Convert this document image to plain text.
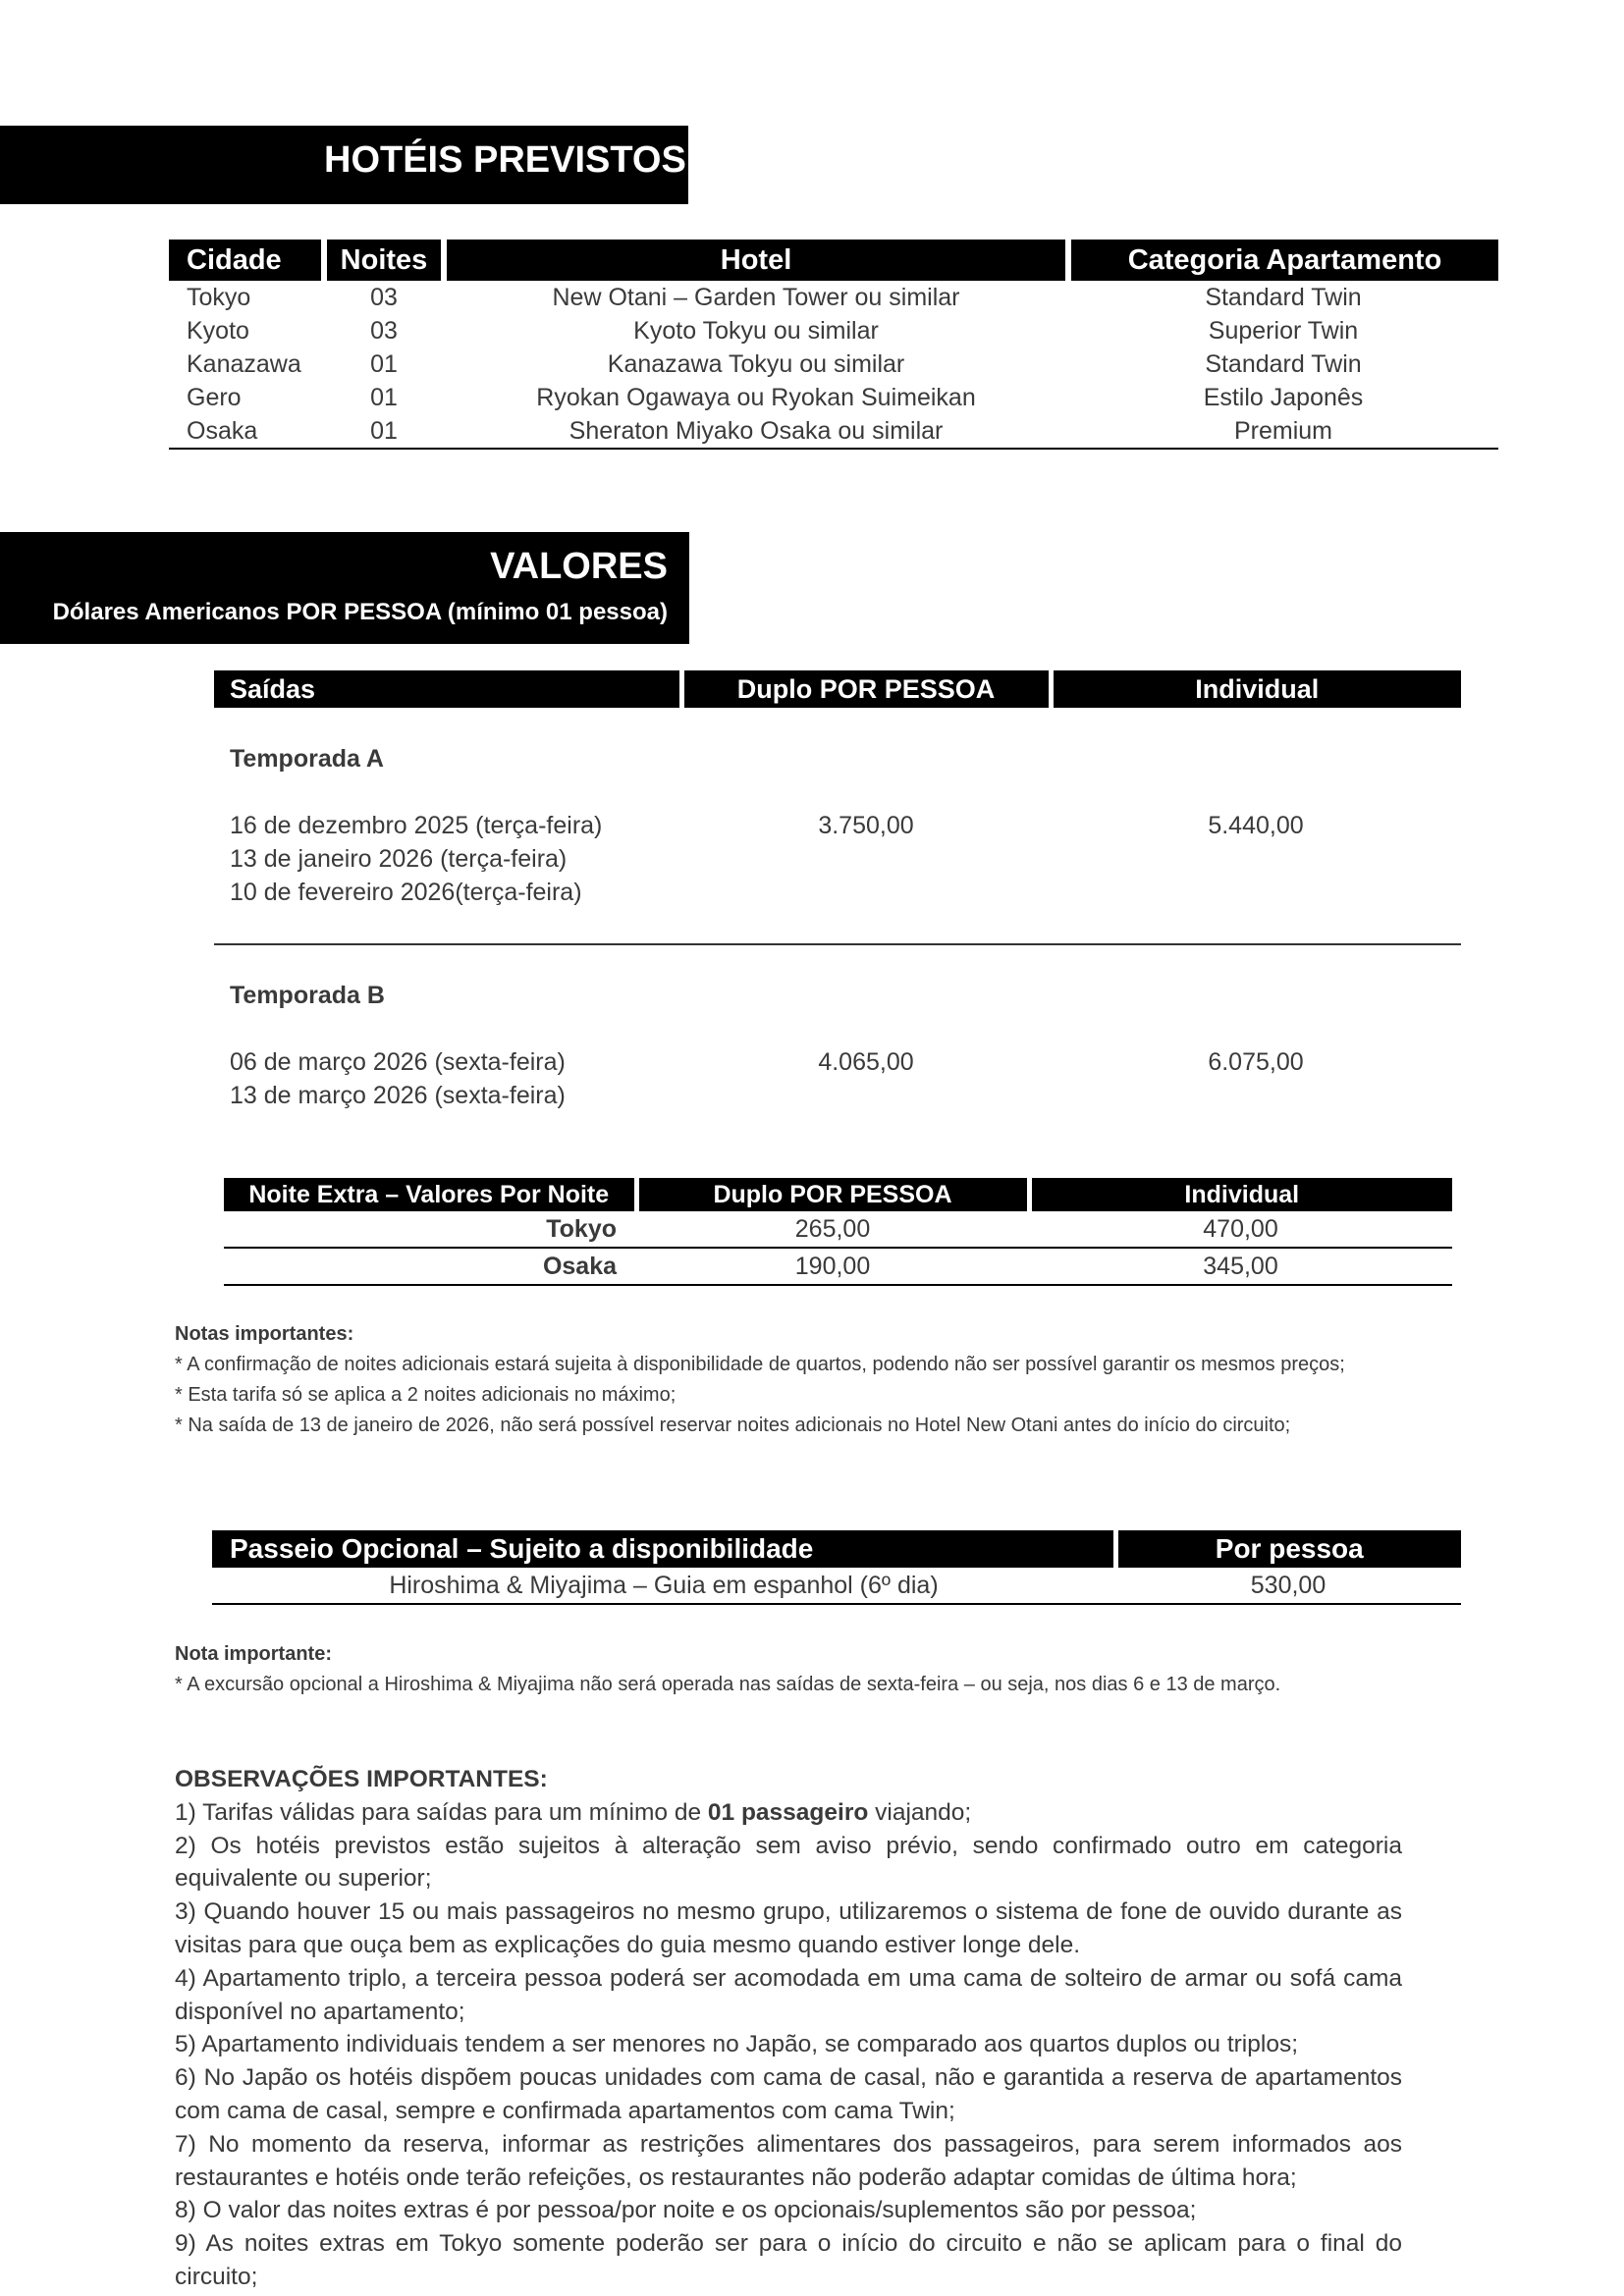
HOTÉIS PREVISTOS
Cidade	Noites	Hotel	Categoria Apartamento
Tokyo	03	New Otani – Garden Tower ou similar	Standard Twin
Kyoto	03	Kyoto Tokyu ou similar	Superior Twin
Kanazawa	01	Kanazawa Tokyu ou similar	Standard Twin
Gero	01	Ryokan Ogawaya ou Ryokan Suimeikan	Estilo Japonês
Osaka	01	Sheraton Miyako Osaka ou similar	Premium
VALORES
Dólares Americanos POR PESSOA (mínimo 01 pessoa)
Saídas	Duplo POR PESSOA	Individual
Temporada A
16 de dezembro 2025 (terça-feira)
13 de janeiro 2026 (terça-feira)
10 de fevereiro 2026(terça-feira)
3.750,00	5.440,00
Temporada B
06 de março 2026 (sexta-feira)
13 de março 2026 (sexta-feira)
4.065,00	6.075,00
Noite Extra – Valores Por Noite	Duplo POR PESSOA	Individual
Tokyo	265,00	470,00
Osaka	190,00	345,00
Notas importantes:
* A confirmação de noites adicionais estará sujeita à disponibilidade de quartos, podendo não ser possível garantir os mesmos preços;
* Esta tarifa só se aplica a 2 noites adicionais no máximo;
* Na saída de 13 de janeiro de 2026, não será possível reservar noites adicionais no Hotel New Otani antes do início do circuito;
Passeio Opcional – Sujeito a disponibilidade	Por pessoa
Hiroshima & Miyajima – Guia em espanhol (6º dia)	530,00
Nota importante:
* A excursão opcional a Hiroshima & Miyajima não será operada nas saídas de sexta-feira – ou seja, nos dias 6 e 13 de março.
OBSERVAÇÕES IMPORTANTES:
1) Tarifas válidas para saídas para um mínimo de 01 passageiro viajando;
2) Os hotéis previstos estão sujeitos à alteração sem aviso prévio, sendo confirmado outro em categoria equivalente ou superior;
3) Quando houver 15 ou mais passageiros no mesmo grupo, utilizaremos o sistema de fone de ouvido durante as visitas para que ouça bem as explicações do guia mesmo quando estiver longe dele.
4) Apartamento triplo, a terceira pessoa poderá ser acomodada em uma cama de solteiro de armar ou sofá cama disponível no apartamento;
5) Apartamento individuais tendem a ser menores no Japão, se comparado aos quartos duplos ou triplos;
6) No Japão os hotéis dispõem poucas unidades com cama de casal, não e garantida a reserva de apartamentos com cama de casal, sempre e confirmada apartamentos com cama Twin;
7) No momento da reserva, informar as restrições alimentares dos passageiros, para serem informados aos restaurantes e hotéis onde terão refeições, os restaurantes não poderão adaptar comidas de última hora;
8) O valor das noites extras é por pessoa/por noite e os opcionais/suplementos são por pessoa;
9) As noites extras em Tokyo somente poderão ser para o início do circuito e não se aplicam para o final do circuito;
